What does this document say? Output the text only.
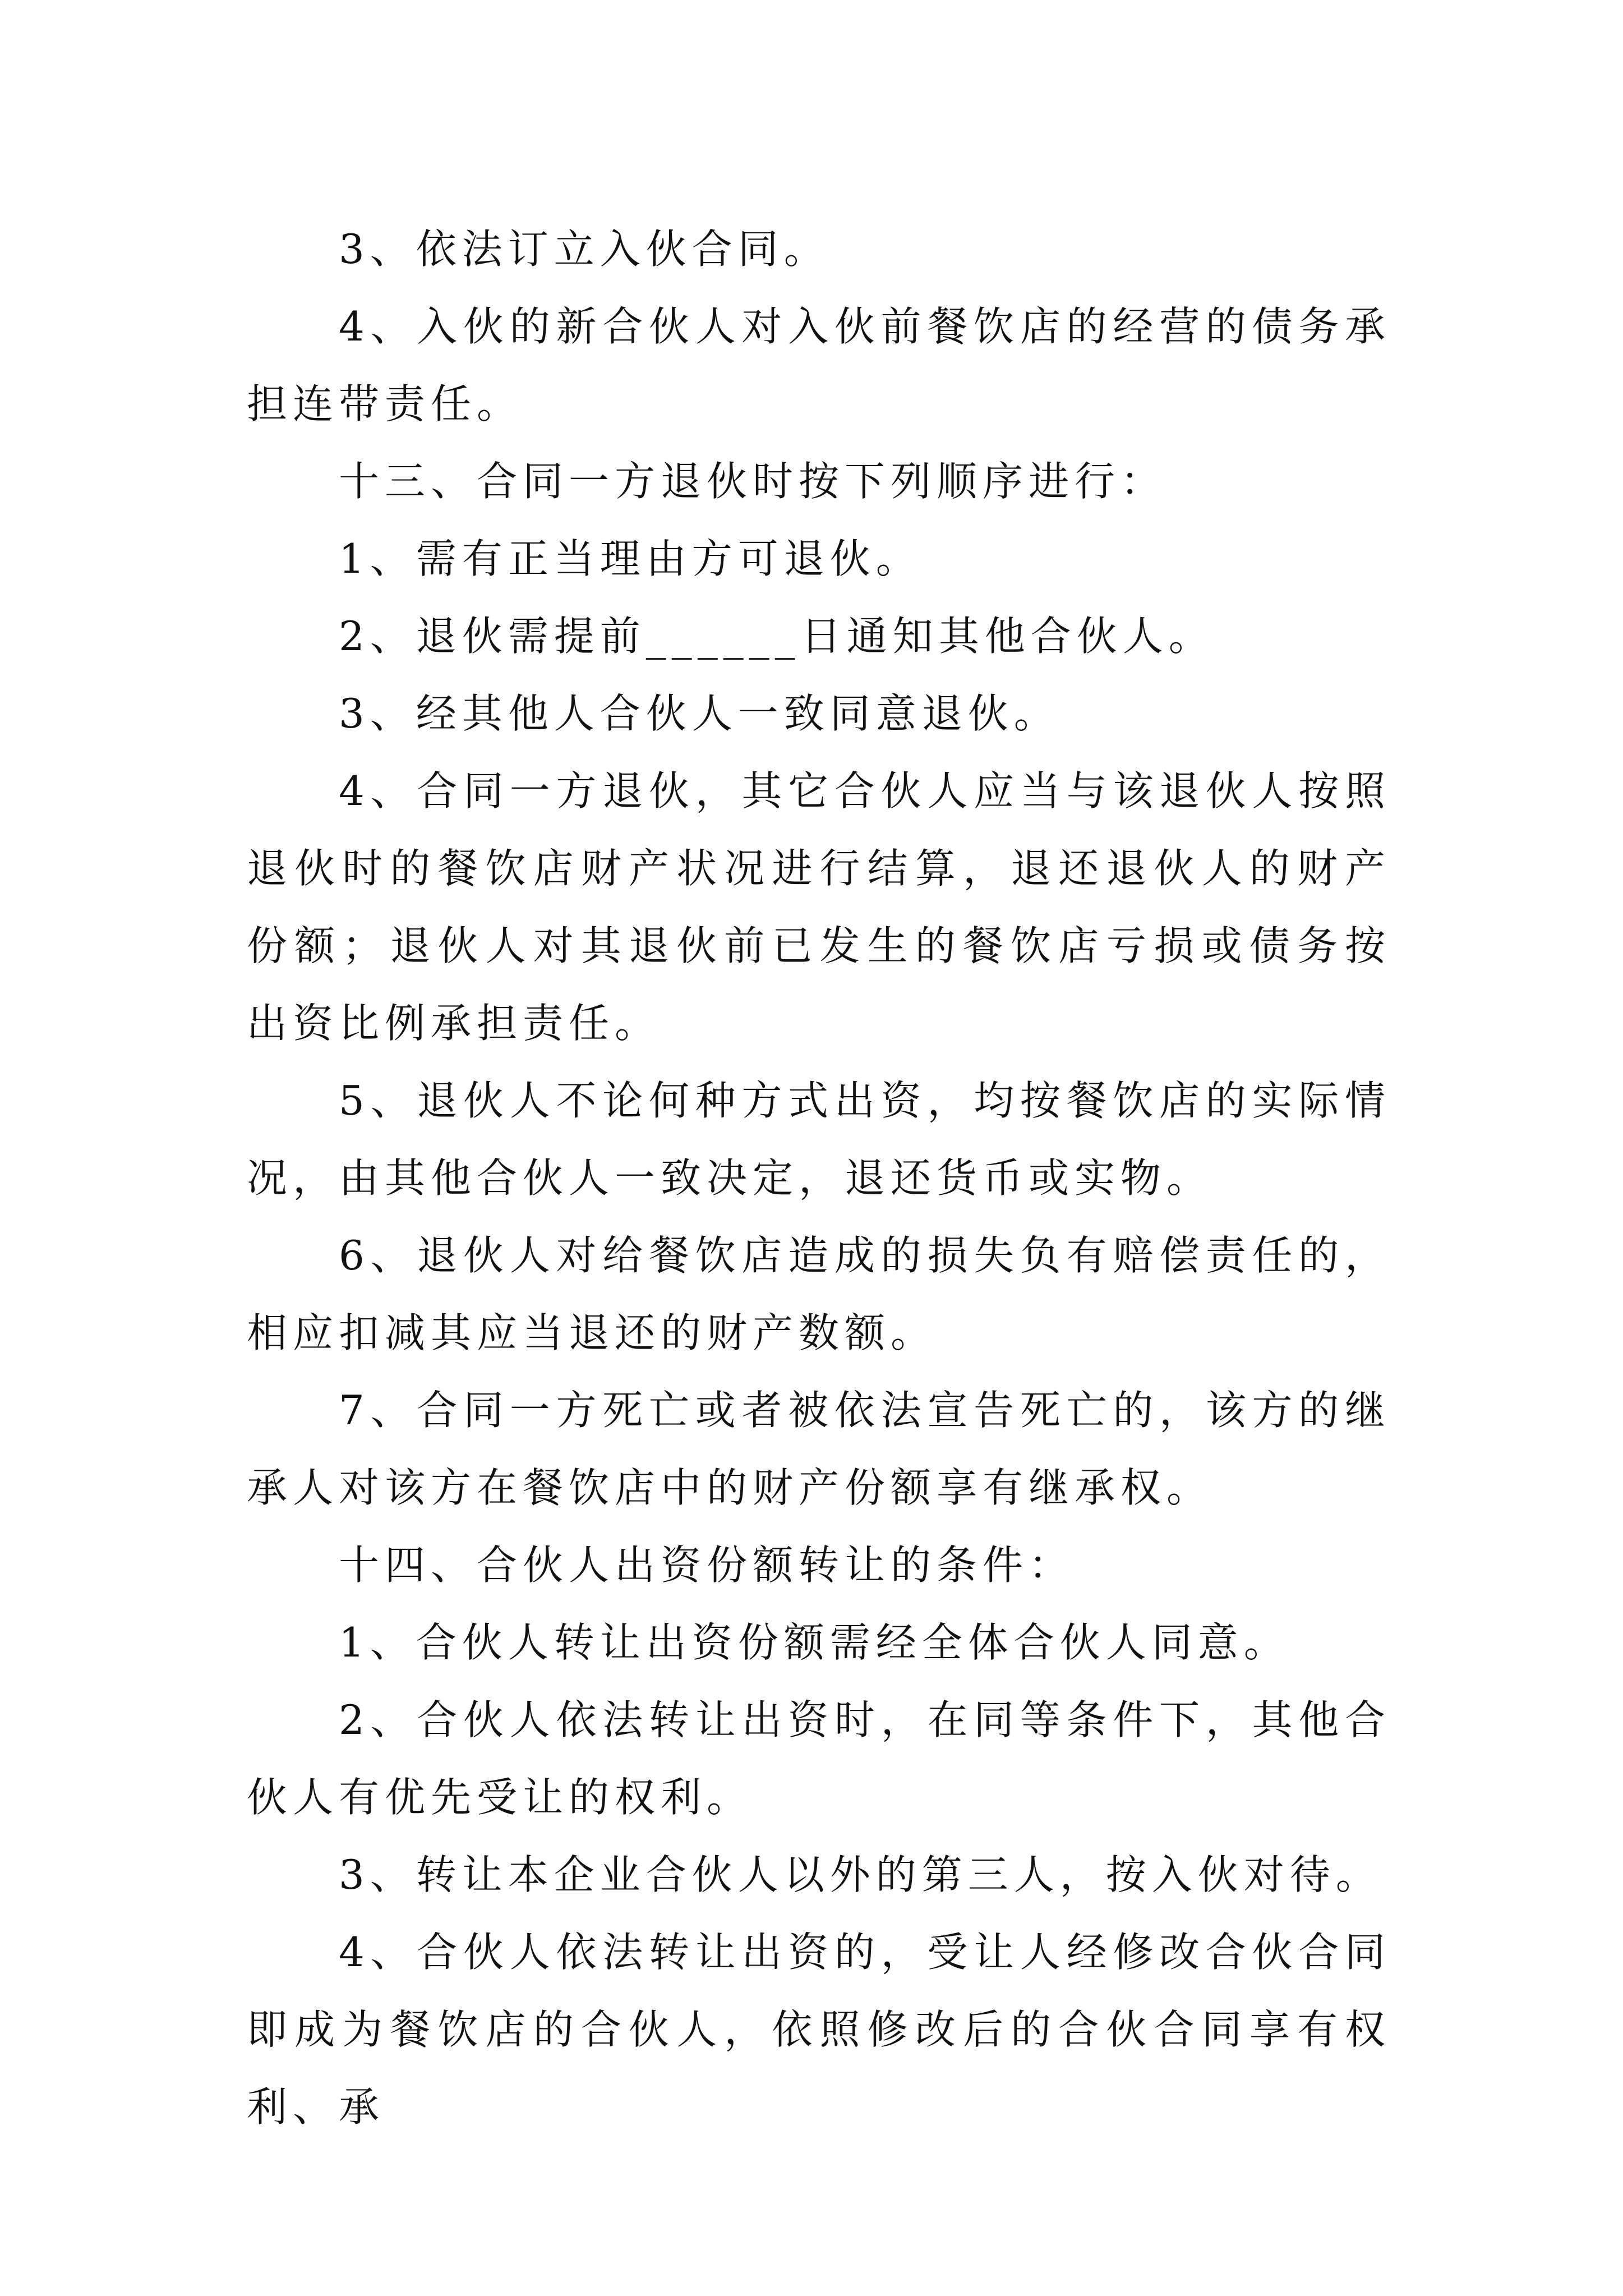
3、依法订立入伙合同。

4、入伙的新合伙人对入伙前餐饮店的经营的债务承担连带责任。

十三、合同一方退伙时按下列顺序进行：

1、需有正当理由方可退伙。

2、退伙需提前______日通知其他合伙人。

3、经其他人合伙人一致同意退伙。

4、合同一方退伙，其它合伙人应当与该退伙人按照退伙时的餐饮店财产状况进行结算，退还退伙人的财产份额；退伙人对其退伙前已发生的餐饮店亏损或债务按出资比例承担责任。

5、退伙人不论何种方式出资，均按餐饮店的实际情况，由其他合伙人一致决定，退还货币或实物。

6、退伙人对给餐饮店造成的损失负有赔偿责任的，相应扣减其应当退还的财产数额。

7、合同一方死亡或者被依法宣告死亡的，该方的继承人对该方在餐饮店中的财产份额享有继承权。

十四、合伙人出资份额转让的条件：

1、合伙人转让出资份额需经全体合伙人同意。

2、合伙人依法转让出资时，在同等条件下，其他合伙人有优先受让的权利。

3、转让本企业合伙人以外的第三人，按入伙对待。

4、合伙人依法转让出资的，受让人经修改合伙合同即成为餐饮店的合伙人，依照修改后的合伙合同享有权利、承
